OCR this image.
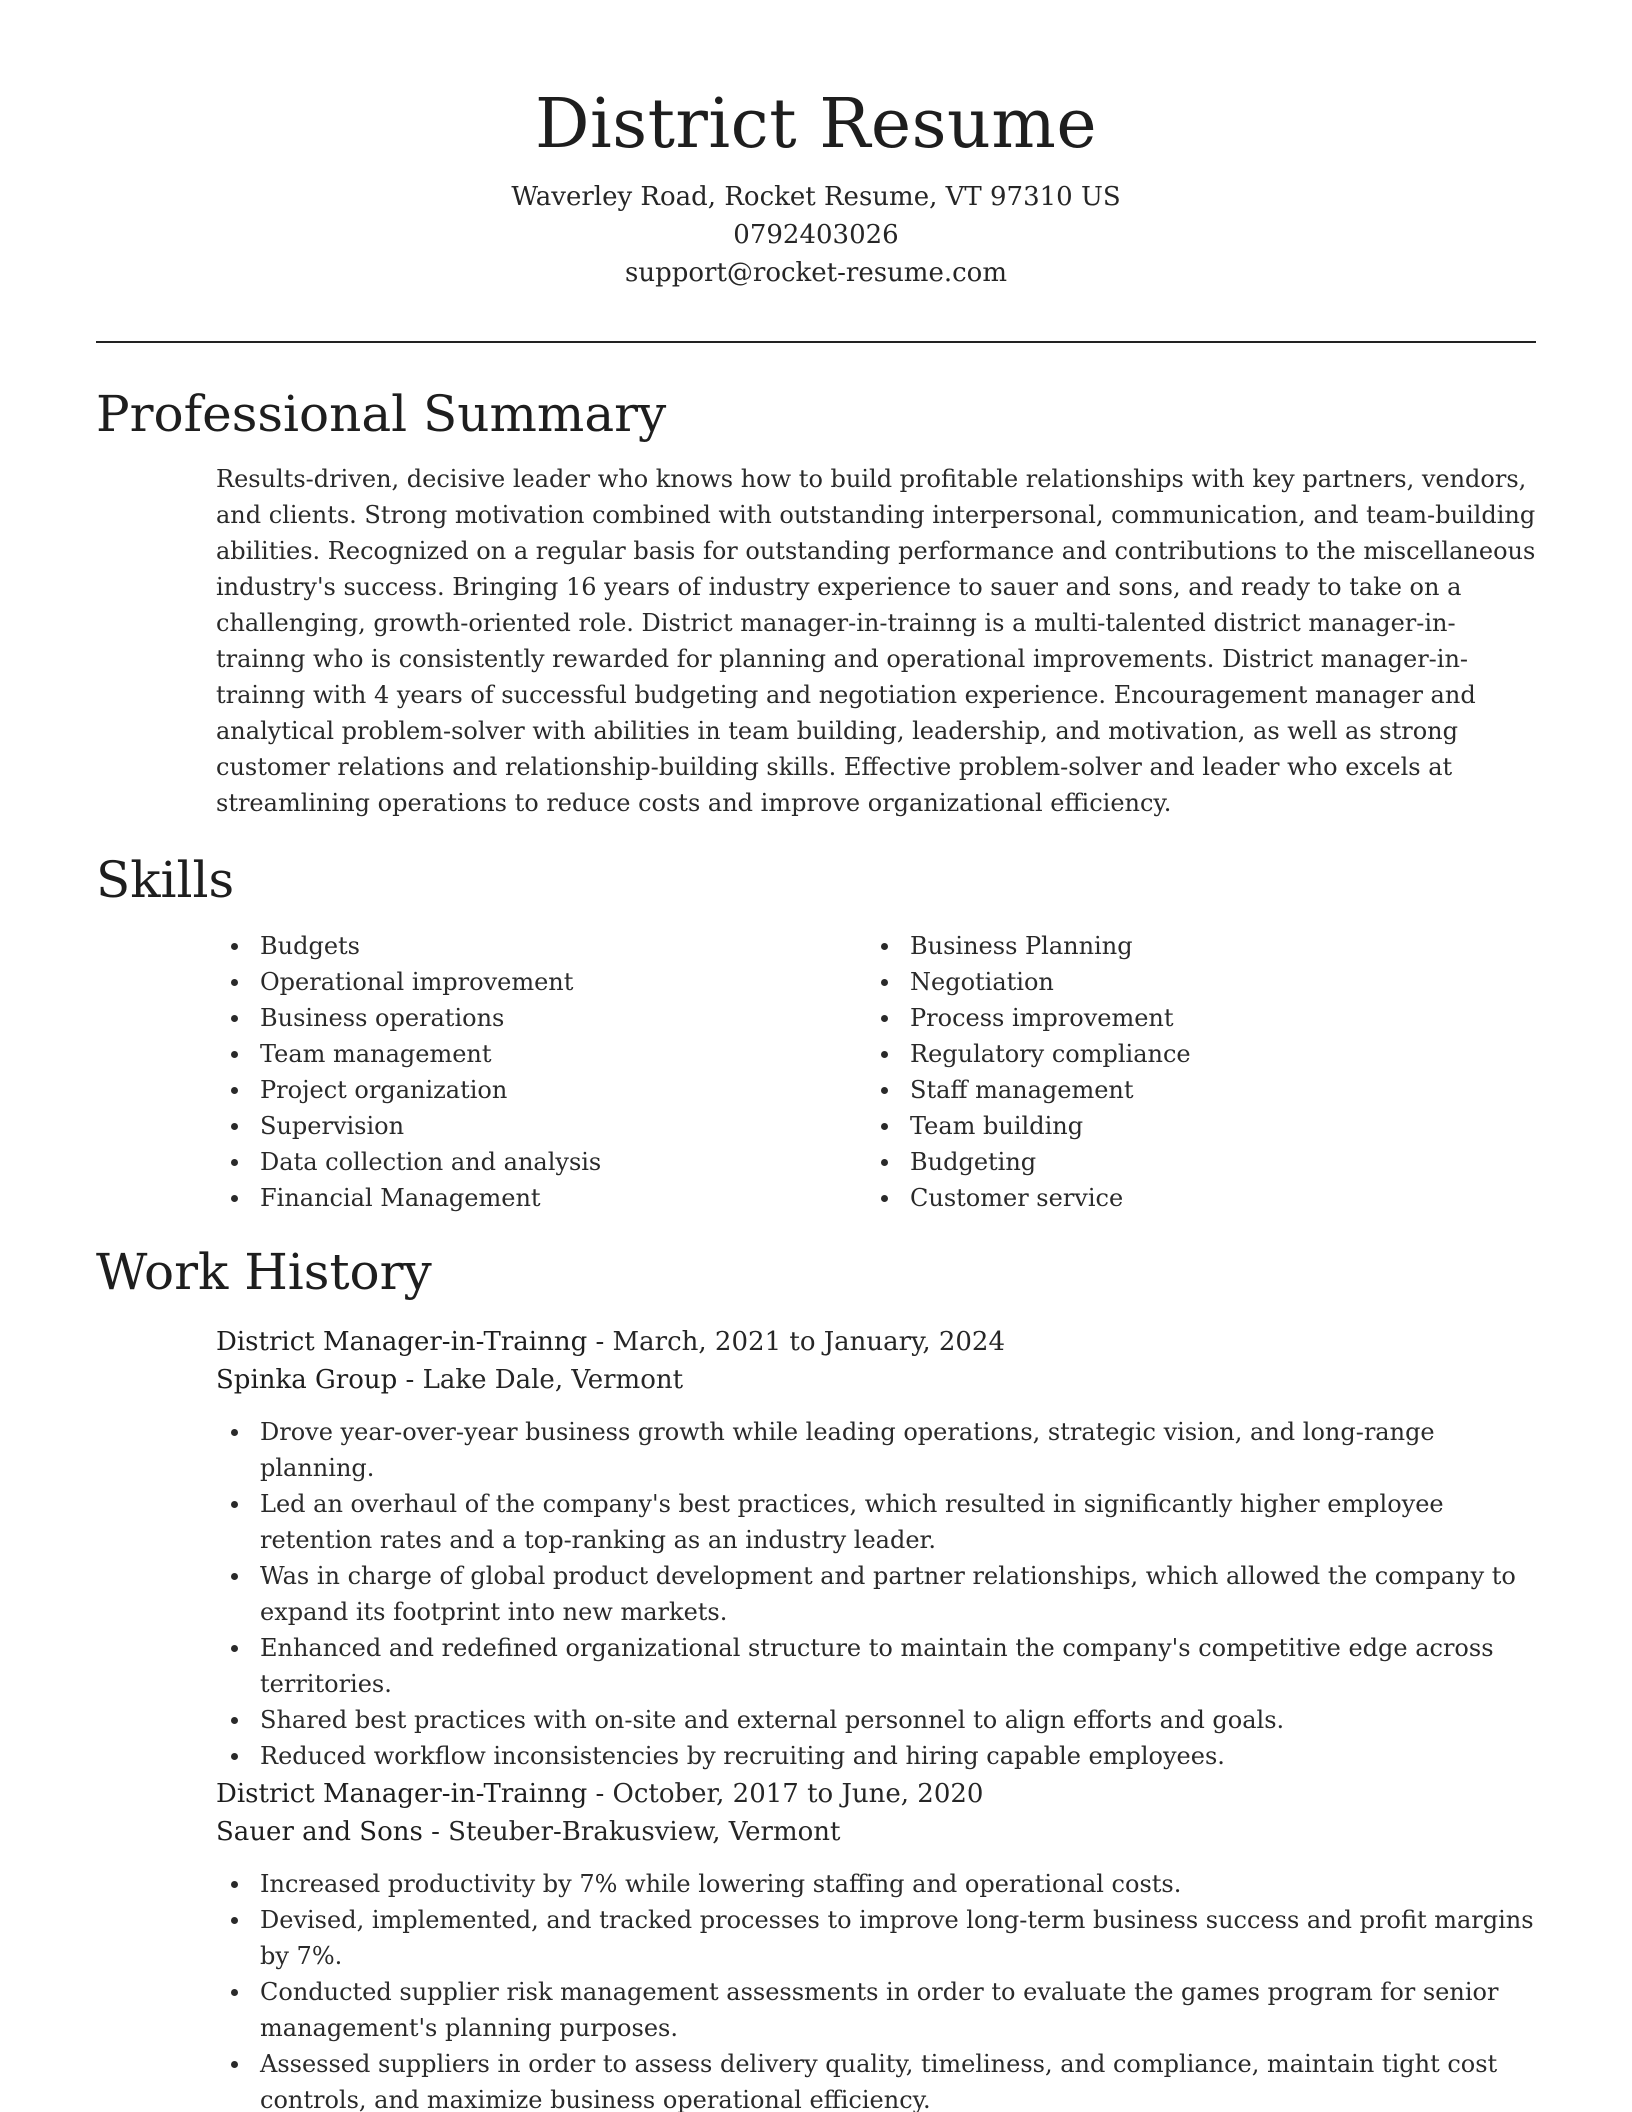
District Resume
Waverley Road, Rocket Resume, VT 97310 US
0792403026
support@rocket-resume.com
Professional Summary

Results-driven, decisive leader who knows how to build profitable relationships with key partners, vendors, and clients. Strong motivation combined with outstanding interpersonal, communication, and team-building abilities. Recognized on a regular basis for outstanding performance and contributions to the miscellaneous industry's success. Bringing 16 years of industry experience to sauer and sons, and ready to take on a challenging, growth-oriented role. District manager-in-trainng is a multi-talented district manager-in-trainng who is consistently rewarded for planning and operational improvements. District manager-in-trainng with 4 years of successful budgeting and negotiation experience. Encouragement manager and analytical problem-solver with abilities in team building, leadership, and motivation, as well as strong customer relations and relationship-building skills. Effective problem-solver and leader who excels at streamlining operations to reduce costs and improve organizational efficiency.

Skills
Budgets
Operational improvement
Business operations
Team management
Project organization
Supervision
Data collection and analysis
Financial Management
Business Planning
Negotiation
Process improvement
Regulatory compliance
Staff management
Team building
Budgeting
Customer service
Work History
District Manager-in-Trainng - March, 2021 to January, 2024
Spinka Group - Lake Dale, Vermont
Drove year-over-year business growth while leading operations, strategic vision, and long-range planning.
Led an overhaul of the company's best practices, which resulted in significantly higher employee retention rates and a top-ranking as an industry leader.
Was in charge of global product development and partner relationships, which allowed the company to expand its footprint into new markets.
Enhanced and redefined organizational structure to maintain the company's competitive edge across territories.
Shared best practices with on-site and external personnel to align efforts and goals.
Reduced workflow inconsistencies by recruiting and hiring capable employees.
District Manager-in-Trainng - October, 2017 to June, 2020
Sauer and Sons - Steuber-Brakusview, Vermont
Increased productivity by 7% while lowering staffing and operational costs.
Devised, implemented, and tracked processes to improve long-term business success and profit margins by 7%.
Conducted supplier risk management assessments in order to evaluate the games program for senior management's planning purposes.
Assessed suppliers in order to assess delivery quality, timeliness, and compliance, maintain tight cost controls, and maximize business operational efficiency.
